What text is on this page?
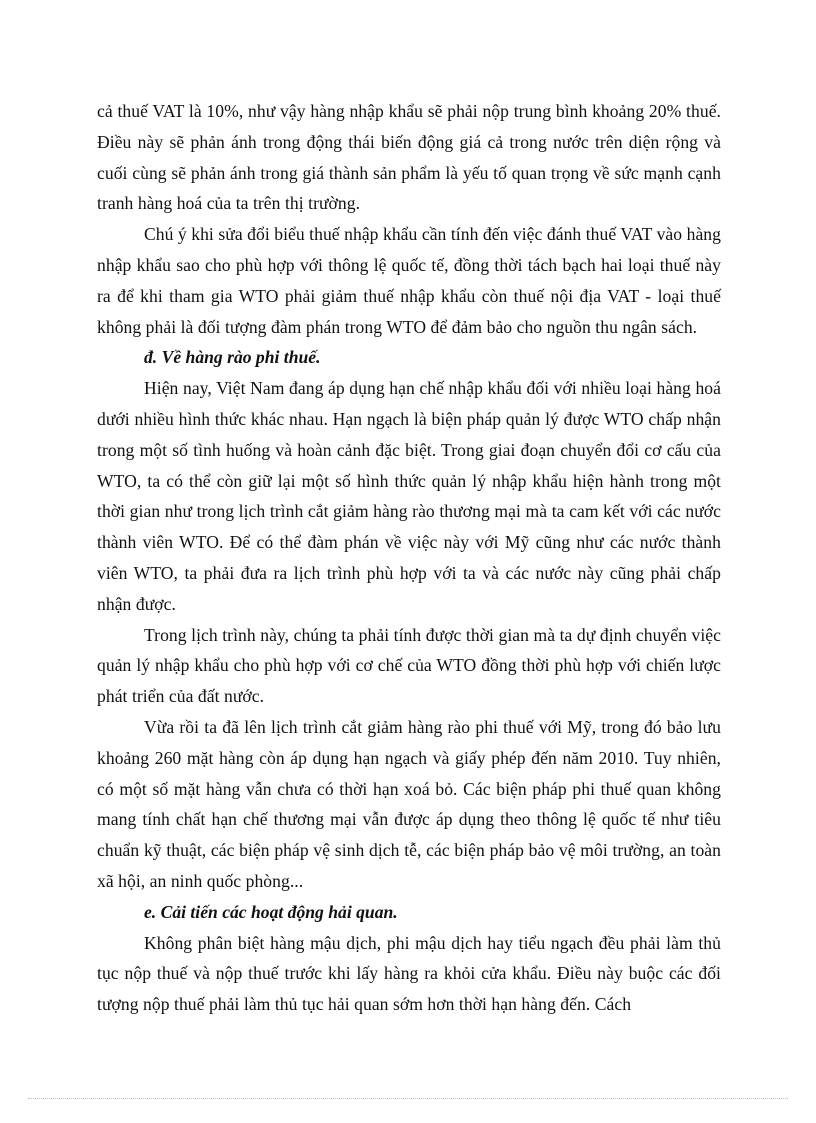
cả thuế VAT là 10%, như vậy hàng nhập khẩu sẽ phải nộp trung bình khoảng 20% thuế. Điều này sẽ phản ánh trong động thái biến động giá cả trong nước trên diện rộng và cuối cùng sẽ phản ánh trong giá thành sản phẩm là yếu tố quan trọng về sức mạnh cạnh tranh hàng hoá của ta trên thị trường.

Chú ý khi sửa đổi biểu thuế nhập khẩu cần tính đến việc đánh thuế VAT vào hàng nhập khẩu sao cho phù hợp với thông lệ quốc tế, đồng thời tách bạch hai loại thuế này ra để khi tham gia WTO phải giảm thuế nhập khẩu còn thuế nội địa VAT - loại thuế không phải là đối tượng đàm phán trong WTO để đảm bảo cho nguồn thu ngân sách.

đ. Về hàng rào phi thuế.

Hiện nay, Việt Nam đang áp dụng hạn chế nhập khẩu đối với nhiều loại hàng hoá dưới nhiều hình thức khác nhau. Hạn ngạch là biện pháp quản lý được WTO chấp nhận trong một số tình huống và hoàn cảnh đặc biệt. Trong giai đoạn chuyển đổi cơ cấu của WTO, ta có thể còn giữ lại một số hình thức quản lý nhập khẩu hiện hành trong một thời gian như trong lịch trình cắt giảm hàng rào thương mại mà ta cam kết với các nước thành viên WTO. Để có thể đàm phán về việc này với Mỹ cũng như các nước thành viên WTO, ta phải đưa ra lịch trình phù hợp với ta và các nước này cũng phải chấp nhận được.

Trong lịch trình này, chúng ta phải tính được thời gian mà ta dự định chuyển việc quản lý nhập khẩu cho phù hợp với cơ chế của WTO đồng thời phù hợp với chiến lược phát triển của đất nước.

Vừa rồi ta đã lên lịch trình cắt giảm hàng rào phi thuế với Mỹ, trong đó bảo lưu khoảng 260 mặt hàng còn áp dụng hạn ngạch và giấy phép đến năm 2010. Tuy nhiên, có một số mặt hàng vẫn chưa có thời hạn xoá bỏ. Các biện pháp phi thuế quan không mang tính chất hạn chế thương mại vẫn được áp dụng theo thông lệ quốc tế như tiêu chuẩn kỹ thuật, các biện pháp vệ sinh dịch tễ, các biện pháp bảo vệ môi trường, an toàn xã hội, an ninh quốc phòng...

e. Cải tiến các hoạt động hải quan.

Không phân biệt hàng mậu dịch, phi mậu dịch hay tiểu ngạch đều phải làm thủ tục nộp thuế và nộp thuế trước khi lấy hàng ra khỏi cửa khẩu. Điều này buộc các đối tượng nộp thuế phải làm thủ tục hải quan sớm hơn thời hạn hàng đến. Cách
